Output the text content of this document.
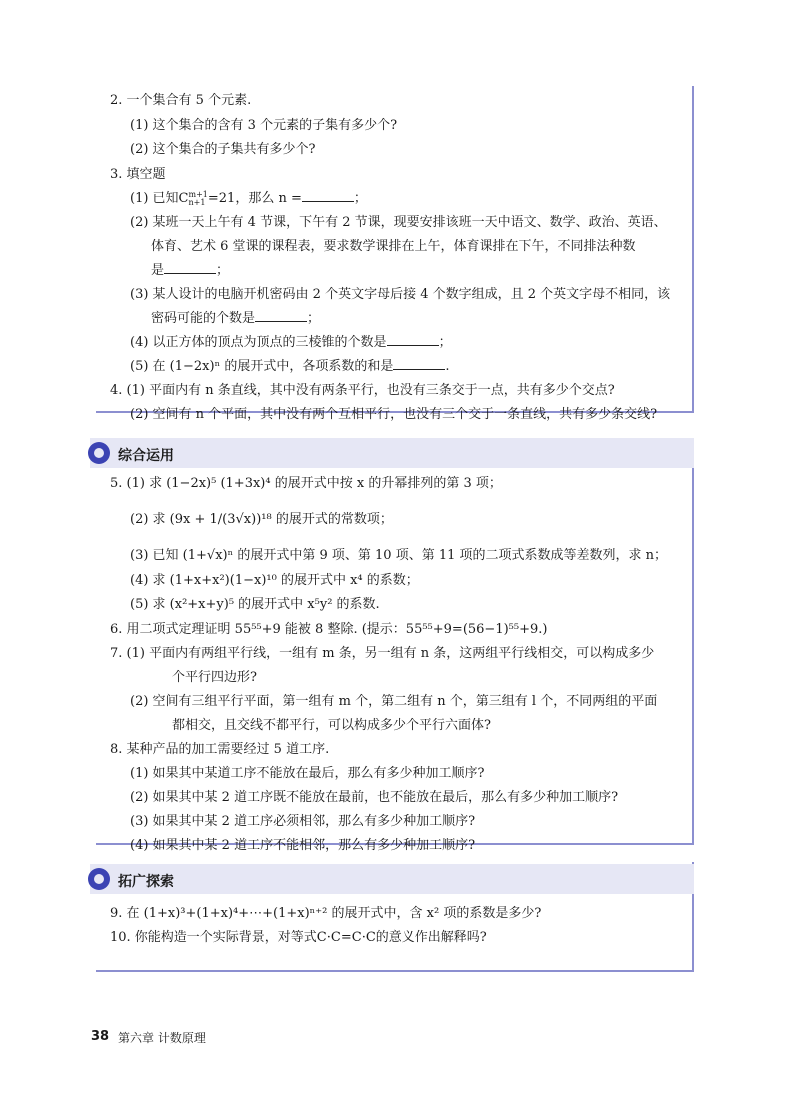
综合运用
拓广探索
2. 一个集合有 5 个元素.
(1) 这个集合的含有 3 个元素的子集有多少个?
(2) 这个集合的子集共有多少个?
3. 填空题
(1) 已知C m+1
n+1 =21，那么 n =	；
(2) 某班一天上午有 4 节课，下午有 2 节课，现要安排该班一天中语文、数学、政治、英语、
体育、艺术 6 堂课的课程表，要求数学课排在上午，体育课排在下午，不同排法种数
是	；
(3) 某人设计的电脑开机密码由 2 个英文字母后接 4 个数字组成，且 2 个英文字母不相同，该
密码可能的个数是	；
(4) 以正方体的顶点为顶点的三棱锥的个数是	；
(5) 在 (1−2x)ⁿ 的展开式中，各项系数的和是	.
4. (1) 平面内有 n 条直线，其中没有两条平行，也没有三条交于一点，共有多少个交点?
(2) 空间有 n 个平面，其中没有两个互相平行，也没有三个交于一条直线，共有多少条交线?
5. (1) 求 (1−2x)⁵ (1+3x)⁴ 的展开式中按 x 的升幂排列的第 3 项；
(2) 求 (9x + 1/(3√x))¹⁸ 的展开式的常数项；
(3) 已知 (1+√x)ⁿ 的展开式中第 9 项、第 10 项、第 11 项的二项式系数成等差数列，求 n；
(4) 求 (1+x+x²)(1−x)¹⁰ 的展开式中 x⁴ 的系数；
(5) 求 (x²+x+y)⁵ 的展开式中 x⁵y² 的系数.
6. 用二项式定理证明 55⁵⁵+9 能被 8 整除. (提示：55⁵⁵+9=(56−1)⁵⁵+9.)
7. (1) 平面内有两组平行线，一组有 m 条，另一组有 n 条，这两组平行线相交，可以构成多少
个平行四边形?
(2) 空间有三组平行平面，第一组有 m 个，第二组有 n 个，第三组有 l 个，不同两组的平面
都相交，且交线不都平行，可以构成多少个平行六面体?
8. 某种产品的加工需要经过 5 道工序.
(1) 如果其中某道工序不能放在最后，那么有多少种加工顺序?
(2) 如果其中某 2 道工序既不能放在最前，也不能放在最后，那么有多少种加工顺序?
(3) 如果其中某 2 道工序必须相邻，那么有多少种加工顺序?
(4) 如果其中某 2 道工序不能相邻，那么有多少种加工顺序?
9. 在 (1+x)³+(1+x)⁴+⋯+(1+x)ⁿ⁺² 的展开式中，含 x² 项的系数是多少?
10. 你能构造一个实际背景，对等式C·C=C·C的意义作出解释吗?
38 第六章 计数原理
